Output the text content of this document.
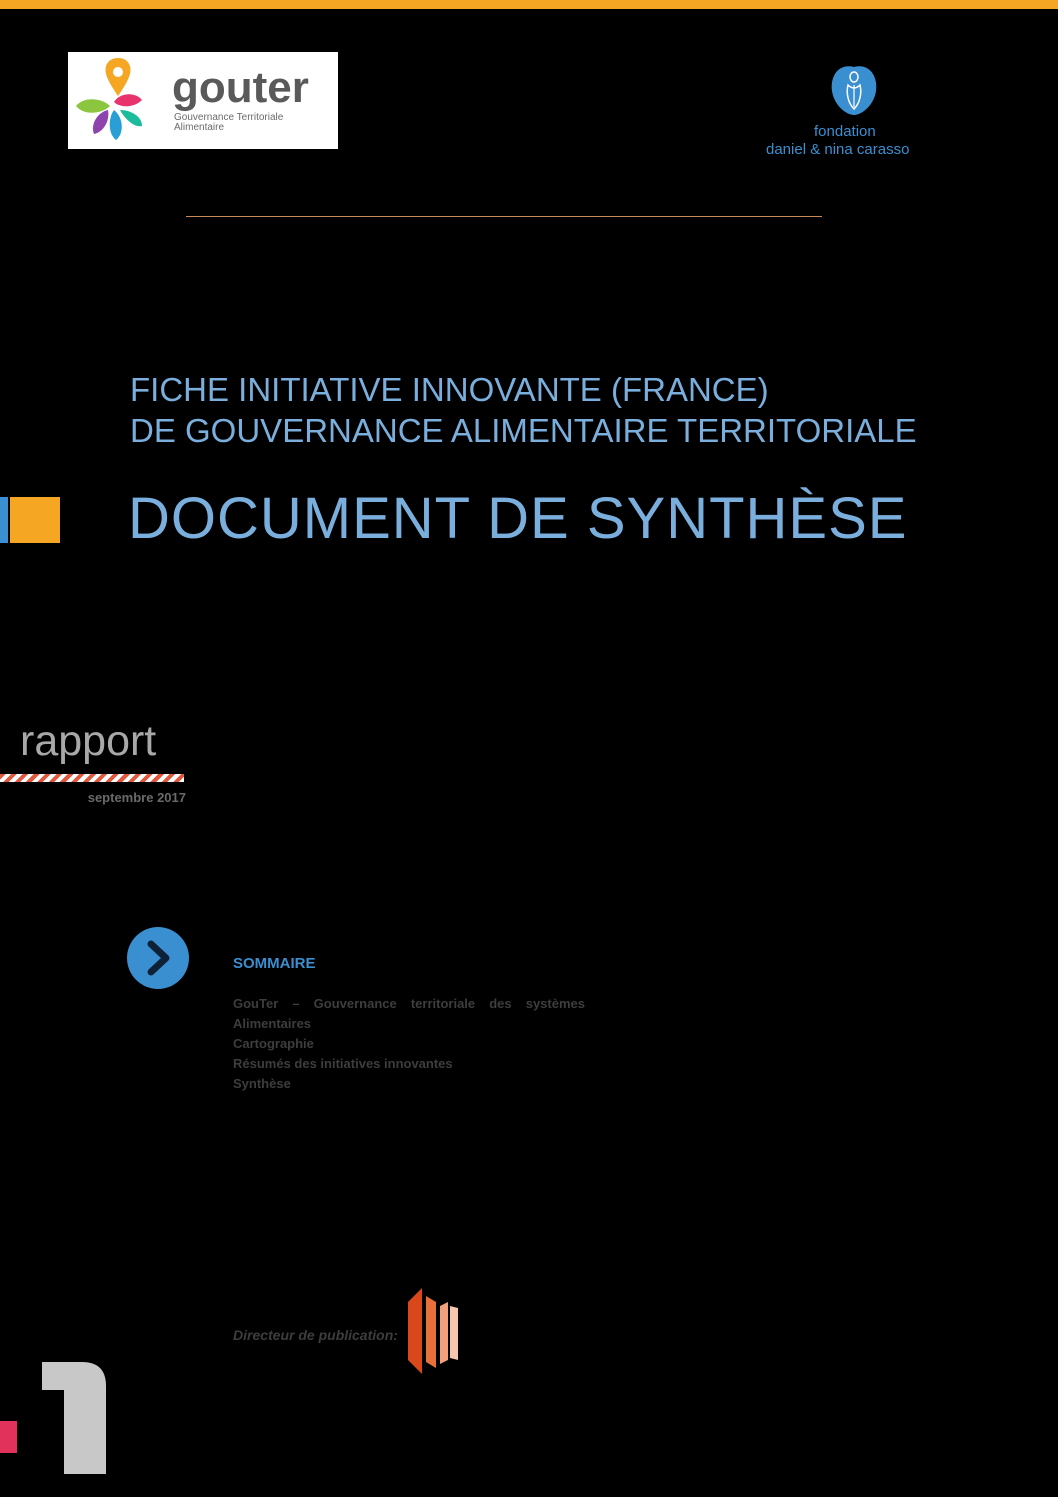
gouter
Gouvernance Territoriale
Alimentaire	fondation
daniel & nina carasso
FICHE INITIATIVE INNOVANTE (FRANCE)
DE GOUVERNANCE ALIMENTAIRE TERRITORIALE
DOCUMENT DE SYNTHÈSE
rapport
septembre 2017
SOMMAIRE
GouTer – Gouvernance territoriale des systèmes
Alimentaires
Cartographie
Résumés des initiatives innovantes
Synthèse
Directeur de publication:
1
